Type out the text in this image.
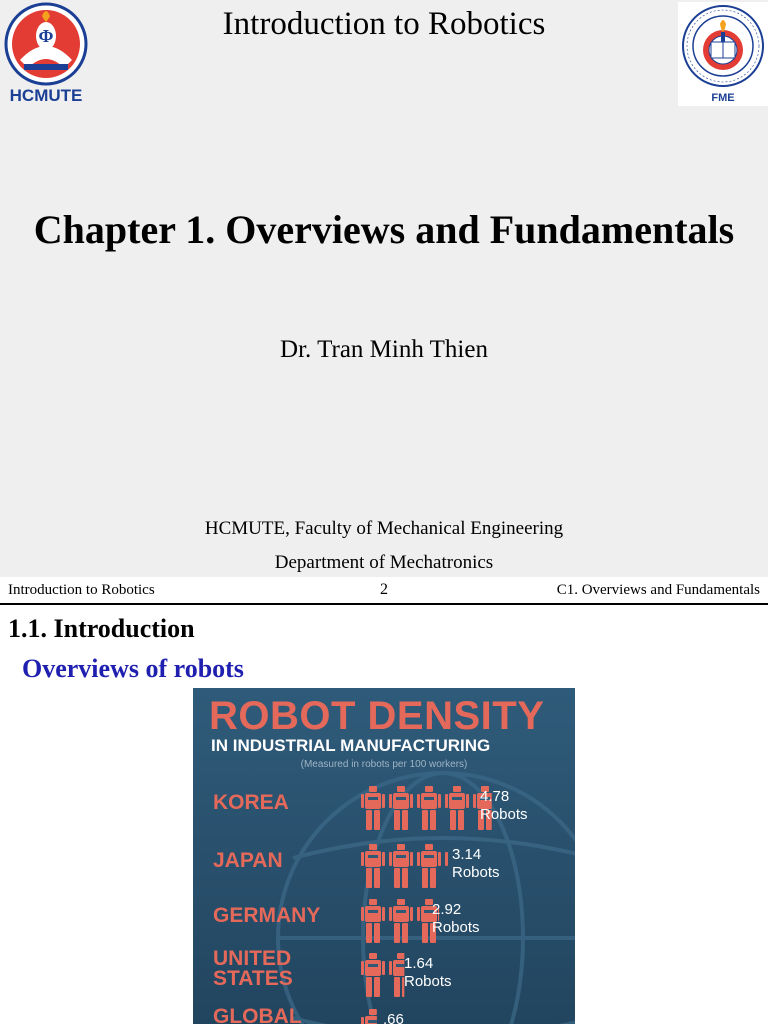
Φ
HCMUTE	FME
Introduction to Robotics
Chapter 1. Overviews and Fundamentals
Dr. Tran Minh Thien
HCMUTE, Faculty of Mechanical Engineering
Department of Mechatronics
Introduction to Robotics	2	C1. Overviews and Fundamentals
1.1. Introduction
Overviews of robots
ROBOT DENSITY
IN INDUSTRIAL MANUFACTURING
(Measured in robots per 100 workers)
KOREA	4.78
Robots
JAPAN	3.14
Robots
GERMANY	2.92
Robots
UNITED
STATES
1.64
Robots
GLOBAL	.66
